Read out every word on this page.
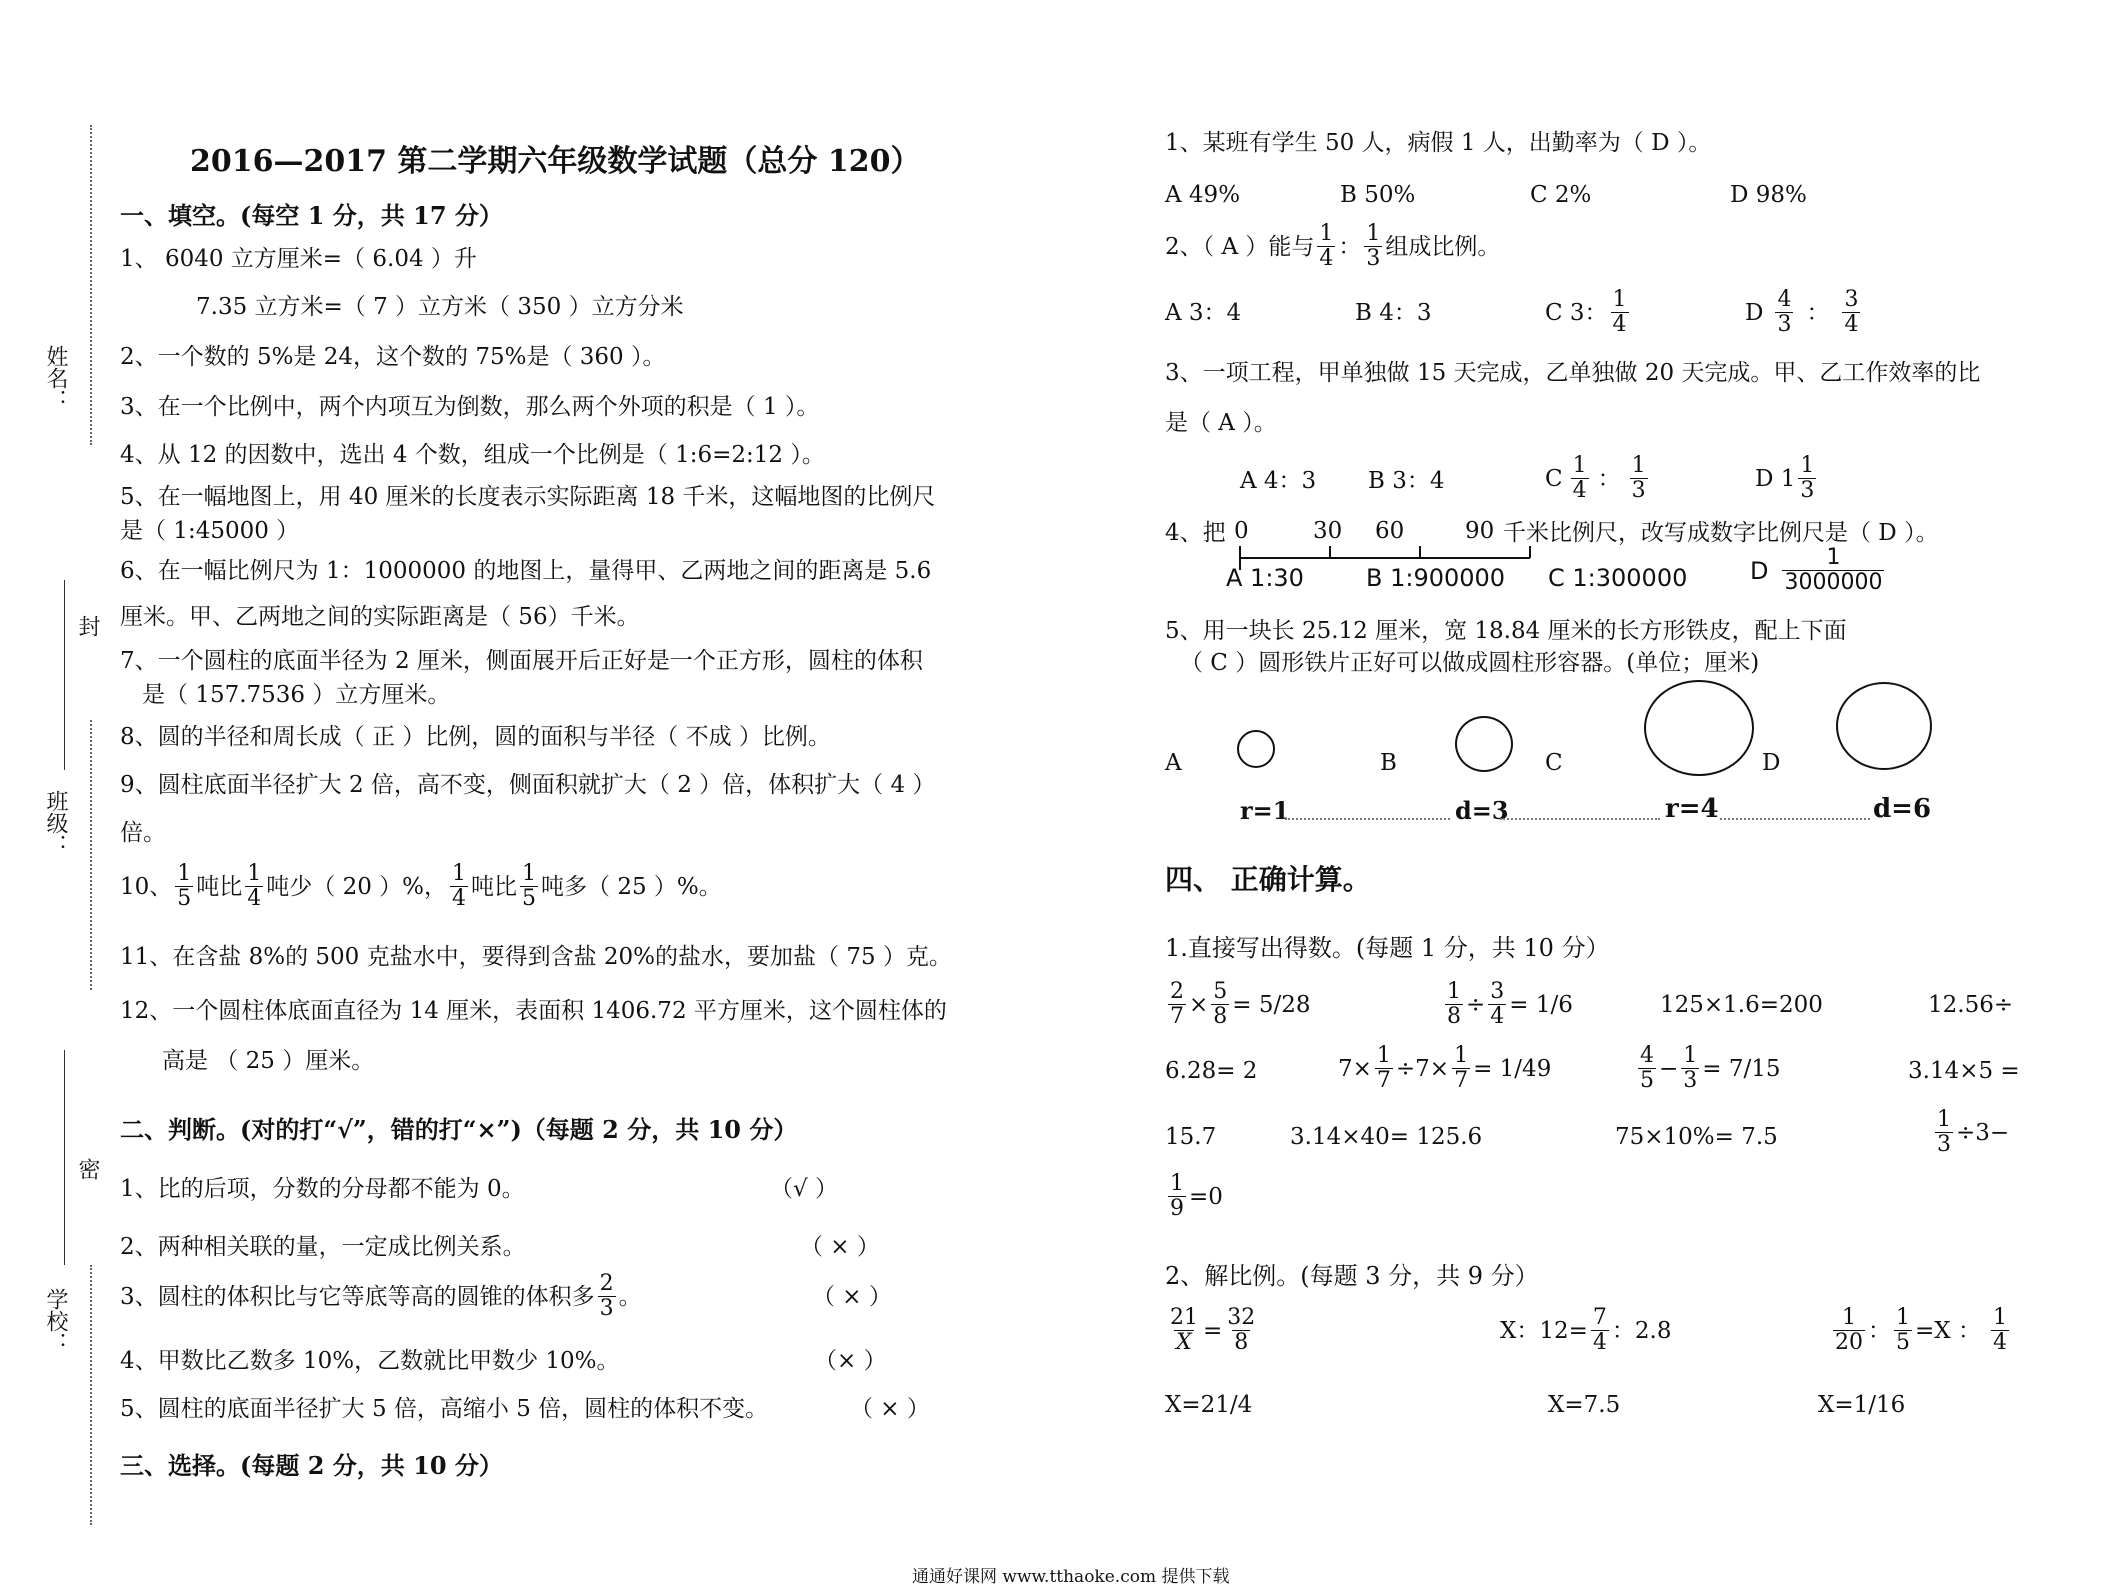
姓名：
封
班级：
密
学校：
2016—2017 第二学期六年级数学试题（总分 120）
一、填空。(每空 1 分，共 17 分）
1、 6040 立方厘米=（ 6.04 ）升
7.35 立方米=（ 7 ）立方米（ 350 ）立方分米
2、一个数的 5%是 24，这个数的 75%是（ 360 ）。
3、在一个比例中，两个内项互为倒数，那么两个外项的积是（ 1 ）。
4、从 12 的因数中，选出 4 个数，组成一个比例是（ 1:6=2:12 ）。
5、在一幅地图上，用 40 厘米的长度表示实际距离 18 千米，这幅地图的比例尺
是（ 1:45000 ）
6、在一幅比例尺为 1：1000000 的地图上，量得甲、乙两地之间的距离是 5.6
厘米。甲、乙两地之间的实际距离是（ 56）千米。
7、一个圆柱的底面半径为 2 厘米，侧面展开后正好是一个正方形，圆柱的体积
是（ 157.7536 ）立方厘米。
8、圆的半径和周长成（ 正 ）比例，圆的面积与半径（ 不成 ）比例。
9、圆柱底面半径扩大 2 倍，高不变，侧面积就扩大（ 2 ）倍，体积扩大（ 4 ）
倍。
10、 $\frac{1}{5}$ 吨比 $\frac{1}{4}$ 吨少（ 20 ）%， $\frac{1}{4}$ 吨比 $\frac{1}{5}$ 吨多（ 25 ）%。
11、在含盐 8%的 500 克盐水中，要得到含盐 20%的盐水，要加盐（ 75 ）克。
12、一个圆柱体底面直径为 14 厘米，表面积 1406.72 平方厘米，这个圆柱体的
高是 （ 25 ）厘米。
二、判断。(对的打“√”，错的打“×”)（每题 2 分，共 10 分）
1、比的后项，分数的分母都不能为 0。	（√ ）
2、两种相关联的量，一定成比例关系。	（ × ）
3、圆柱的体积比与它等底等高的圆锥的体积多 $\frac{2}{3}$ 。	（ × ）
4、甲数比乙数多 10%，乙数就比甲数少 10%。	（× ）
5、圆柱的底面半径扩大 5 倍，高缩小 5 倍，圆柱的体积不变。	（ × ）
三、选择。(每题 2 分，共 10 分）
1、某班有学生 50 人，病假 1 人，出勤率为（ D ）。
A 49%	B 50%	C 2%	D 98%
2、（ A ）能与 $\frac{1}{4}$ ： $\frac{1}{3}$ 组成比例。
A 3：4	B 4：3	C 3： $\frac{1}{4}$	D $\frac{4}{3}$ ： $\frac{3}{4}$
3、一项工程，甲单独做 15 天完成，乙单独做 20 天完成。甲、乙工作效率的比
是（ A ）。
A 4：3 B 3：4	C $\frac{1}{4}$ ： $\frac{1}{3}$	D $1 \frac{1}{3}$
4、把 0	30 60	90 千米比例尺，改写成数字比例尺是（ D ）。
A 1:30	B 1:900000 C 1:300000	D $\frac{1}{3000000}$
5、用一块长 25.12 厘米，宽 18.84 厘米的长方形铁皮，配上下面
（ C ）圆形铁片正好可以做成圆柱形容器。(单位；厘米)
A	B	C	D
r=1	d=3	r=4	d=6
四、 正确计算。
1.直接写出得数。(每题 1 分，共 10 分）
$\frac{2}{7} \times \frac{5}{8} = 5/28$	$\frac{1}{8} \div \frac{3}{4} = 1/6$	125×1.6=200	12.56÷
6.28= 2	$7\times \frac{1}{7} \div 7\times \frac{1}{7} = 1/49$	$\frac{4}{5} - \frac{1}{3} = 7/15$	3.14×5 =
15.7	3.14×40= 125.6	75×10%= 7.5	$\frac{1}{3} \div 3-$
$\frac{1}{9} =0$
2、解比例。(每题 3 分，共 9 分）
$\frac{21}{X} = \frac{32}{8}$	X：$12= \frac{7}{4}$ ：2.8	$\frac{1}{20}$ ： $\frac{1}{5} =X$ ： $\frac{1}{4}$
X=21/4	X=7.5	X=1/16
通通好课网 www.tthaoke.com 提供下载
